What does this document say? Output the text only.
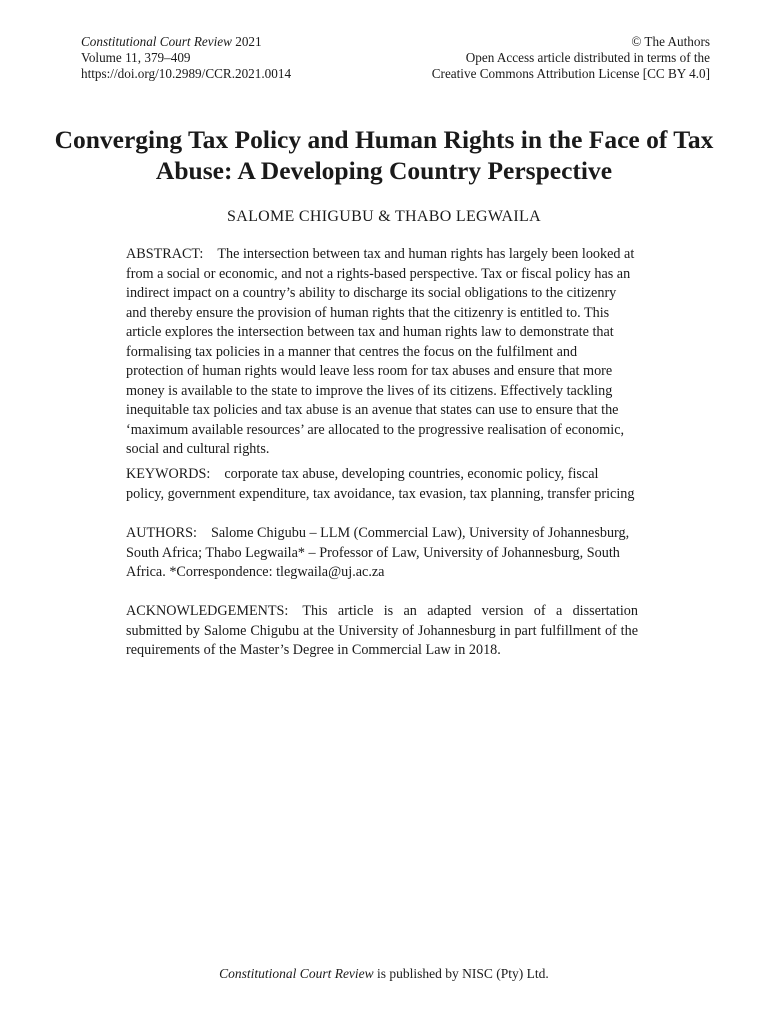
Constitutional Court Review 2021
Volume 11, 379–409
https://doi.org/10.2989/CCR.2021.0014
© The Authors
Open Access article distributed in terms of the
Creative Commons Attribution License [CC BY 4.0]
Converging Tax Policy and Human Rights in the Face of Tax Abuse: A Developing Country Perspective
SALOME CHIGUBU & THABO LEGWAILA
ABSTRACT: The intersection between tax and human rights has largely been looked at from a social or economic, and not a rights-based perspective. Tax or fiscal policy has an indirect impact on a country’s ability to discharge its social obligations to the citizenry and thereby ensure the provision of human rights that the citizenry is entitled to. This article explores the intersection between tax and human rights law to demonstrate that formalising tax policies in a manner that centres the focus on the fulfilment and protection of human rights would leave less room for tax abuses and ensure that more money is available to the state to improve the lives of its citizens. Effectively tackling inequitable tax policies and tax abuse is an avenue that states can use to ensure that the ‘maximum available resources’ are allocated to the progressive realisation of economic, social and cultural rights.
KEYWORDS: corporate tax abuse, developing countries, economic policy, fiscal policy, government expenditure, tax avoidance, tax evasion, tax planning, transfer pricing
AUTHORS: Salome Chigubu – LLM (Commercial Law), University of Johannesburg, South Africa; Thabo Legwaila* – Professor of Law, University of Johannesburg, South Africa. *Correspondence: tlegwaila@uj.ac.za
ACKNOWLEDGEMENTS: This article is an adapted version of a dissertation submitted by Salome Chigubu at the University of Johannesburg in part fulfillment of the requirements of the Master’s Degree in Commercial Law in 2018.
Constitutional Court Review is published by NISC (Pty) Ltd.
